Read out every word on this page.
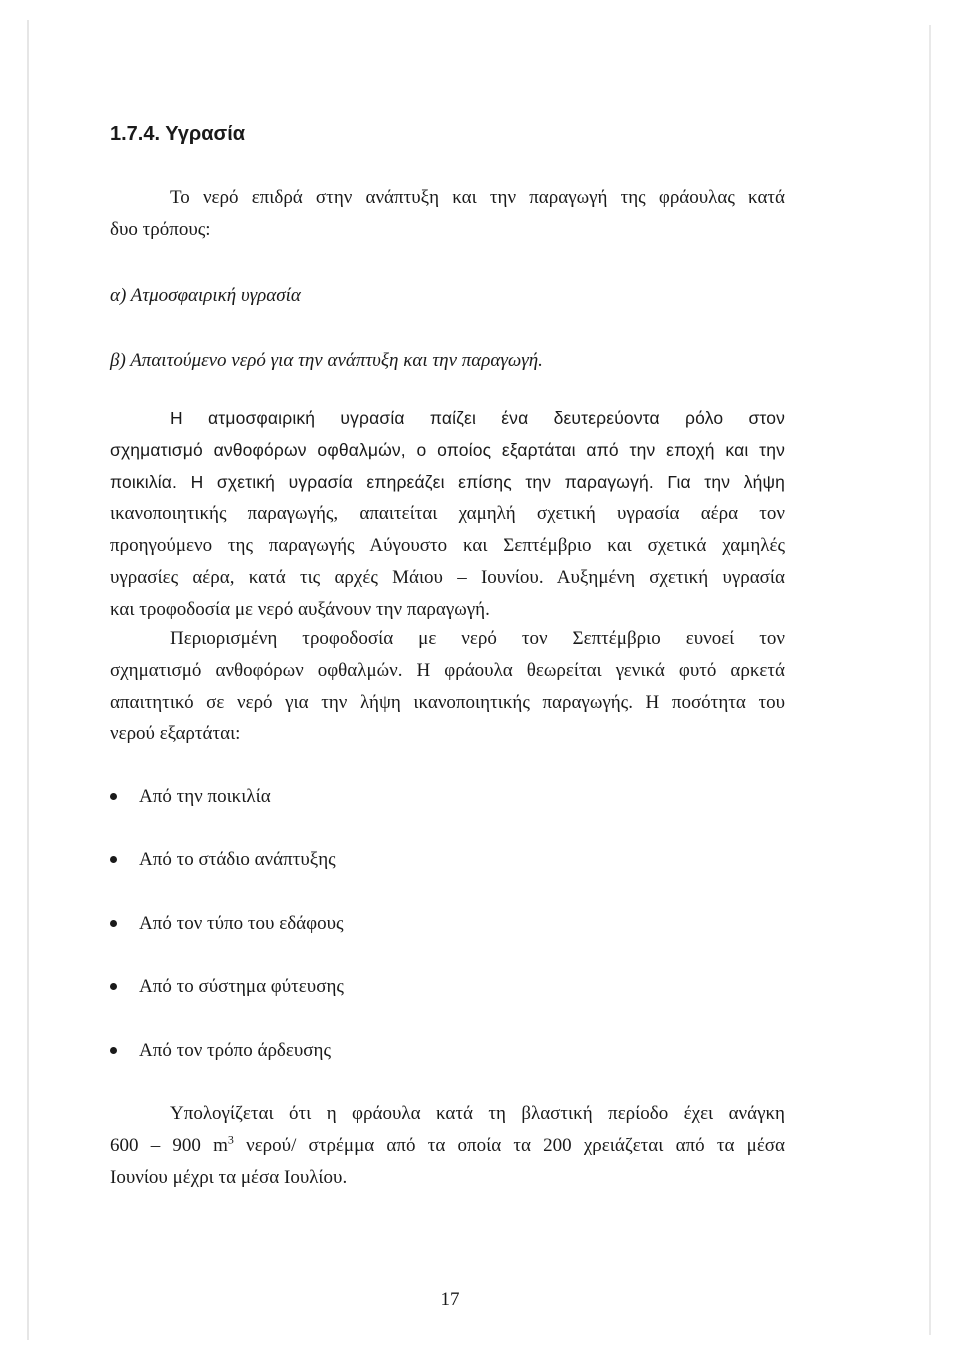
1.7.4. Υγρασία
Το νερό επιδρά στην ανάπτυξη και την παραγωγή της φράουλας κατά
δυο τρόπους:
α) Ατμοσφαιρική υγρασία
β) Απαιτούμενο νερό για την ανάπτυξη και την παραγωγή.
Η ατμοσφαιρική υγρασία παίζει ένα δευτερεύοντα ρόλο στον
σχηματισμό ανθοφόρων οφθαλμών, ο οποίος εξαρτάται από την εποχή και την
ποικιλία. Η σχετική υγρασία επηρεάζει επίσης την παραγωγή. Για την λήψη
ικανοποιητικής παραγωγής, απαιτείται χαμηλή σχετική υγρασία αέρα τον
προηγούμενο της παραγωγής Αύγουστο και Σεπτέμβριο και σχετικά χαμηλές
υγρασίες αέρα, κατά τις αρχές Μάιου – Ιουνίου. Αυξημένη σχετική υγρασία
και τροφοδοσία με νερό αυξάνουν την παραγωγή.
Περιορισμένη τροφοδοσία με νερό τον Σεπτέμβριο ευνοεί τον
σχηματισμό ανθοφόρων οφθαλμών. Η φράουλα θεωρείται γενικά φυτό αρκετά
απαιτητικό σε νερό για την λήψη ικανοποιητικής παραγωγής. Η ποσότητα του
νερού εξαρτάται:
Από την ποικιλία
Από το στάδιο ανάπτυξης
Από τον τύπο του εδάφους
Από το σύστημα φύτευσης
Από τον τρόπο άρδευσης
Υπολογίζεται ότι η φράουλα κατά τη βλαστική περίοδο έχει ανάγκη
600 – 900 $m^3$ νερού/ στρέμμα από τα οποία τα 200 χρειάζεται από τα μέσα
Ιουνίου μέχρι τα μέσα Ιουλίου.
17
